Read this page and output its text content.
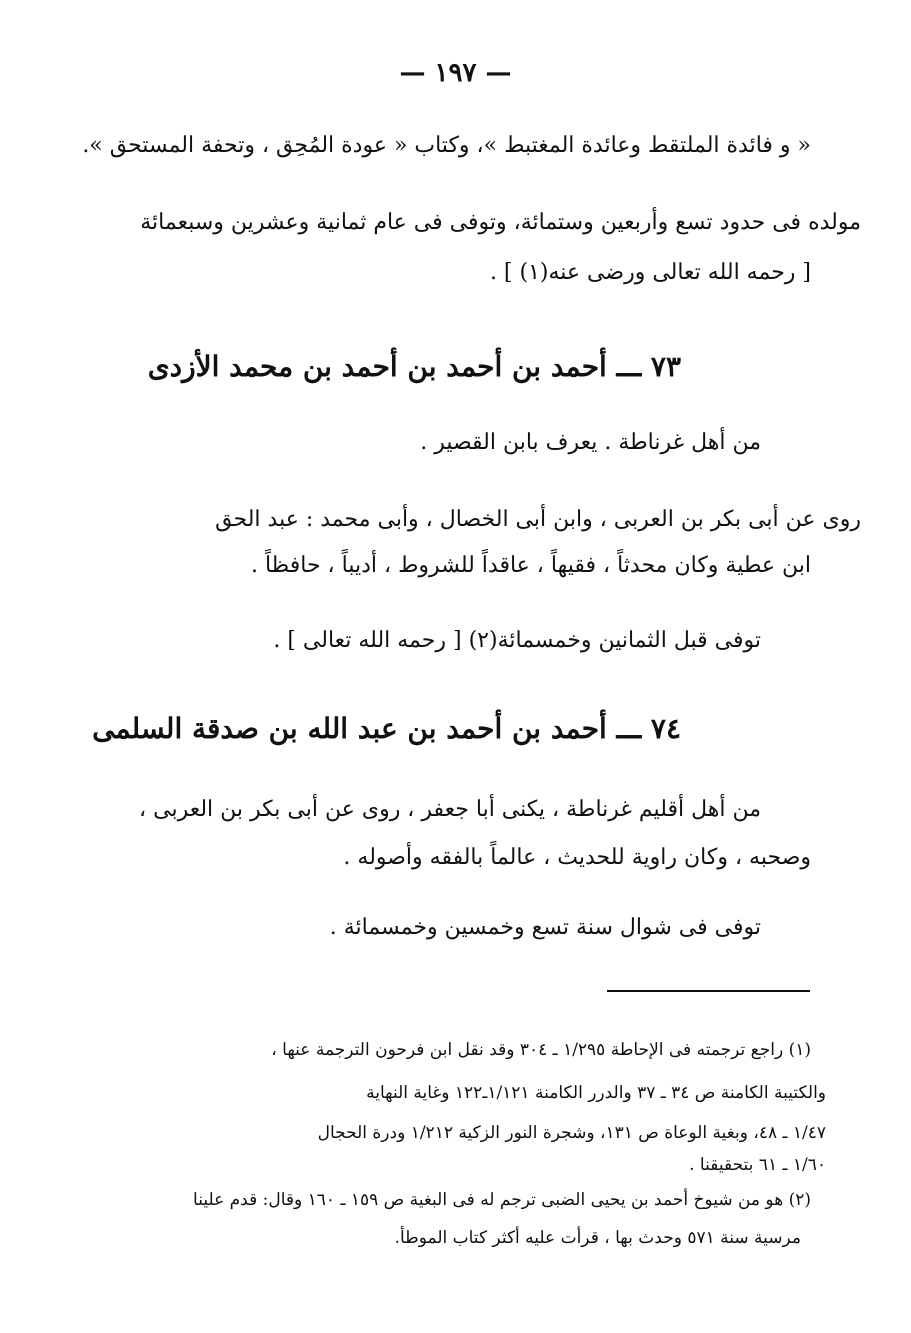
— ١٩٧ —
« و فائدة الملتقط وعائدة المغتبط »، وكتاب « عودة المُحِق ، وتحفة المستحق ».
مولده فى حدود تسع وأربعين وستمائة، وتوفى فى عام ثمانية وعشرين وسبعمائة
[ رحمه الله تعالى ورضى عنه(١) ] .
٧٣ ـــ أحمد بن أحمد بن أحمد بن محمد الأزدى
من أهل غرناطة . يعرف بابن القصير .
روى عن أبى بكر بن العربى ، وابن أبى الخصال ، وأبى محمد : عبد الحق
ابن عطية وكان محدثاً ، فقيهاً ، عاقداً للشروط ، أديباً ، حافظاً .
توفى قبل الثمانين وخمسمائة(٢) [ رحمه الله تعالى ] .
٧٤ ـــ أحمد بن أحمد بن عبد الله بن صدقة السلمى
من أهل أقليم غرناطة ، يكنى أبا جعفر ، روى عن أبى بكر بن العربى ،
وصحبه ، وكان راوية للحديث ، عالماً بالفقه وأصوله .
توفى فى شوال سنة تسع وخمسين وخمسمائة .
(١) راجع ترجمته فى الإحاطة ١/٢٩٥ ـ ٣٠٤ وقد نقل ابن فرحون الترجمة عنها ،
والكتيبة الكامنة ص ٣٤ ـ ٣٧ والدرر الكامنة ١/١٢١ـ١٢٢ وغاية النهاية
١/٤٧ ـ ٤٨، وبغية الوعاة ص ١٣١، وشجرة النور الزكية ١/٢١٢ ودرة الحجال
١/٦٠ ـ ٦١ بتحقيقنا .
(٢) هو من شيوخ أحمد بن يحيى الضبى ترجم له فى البغية ص ١٥٩ ـ ١٦٠ وقال: قدم علينا
مرسية سنة ٥٧١ وحدث بها ، قرأت عليه أكثر كتاب الموطأ.
